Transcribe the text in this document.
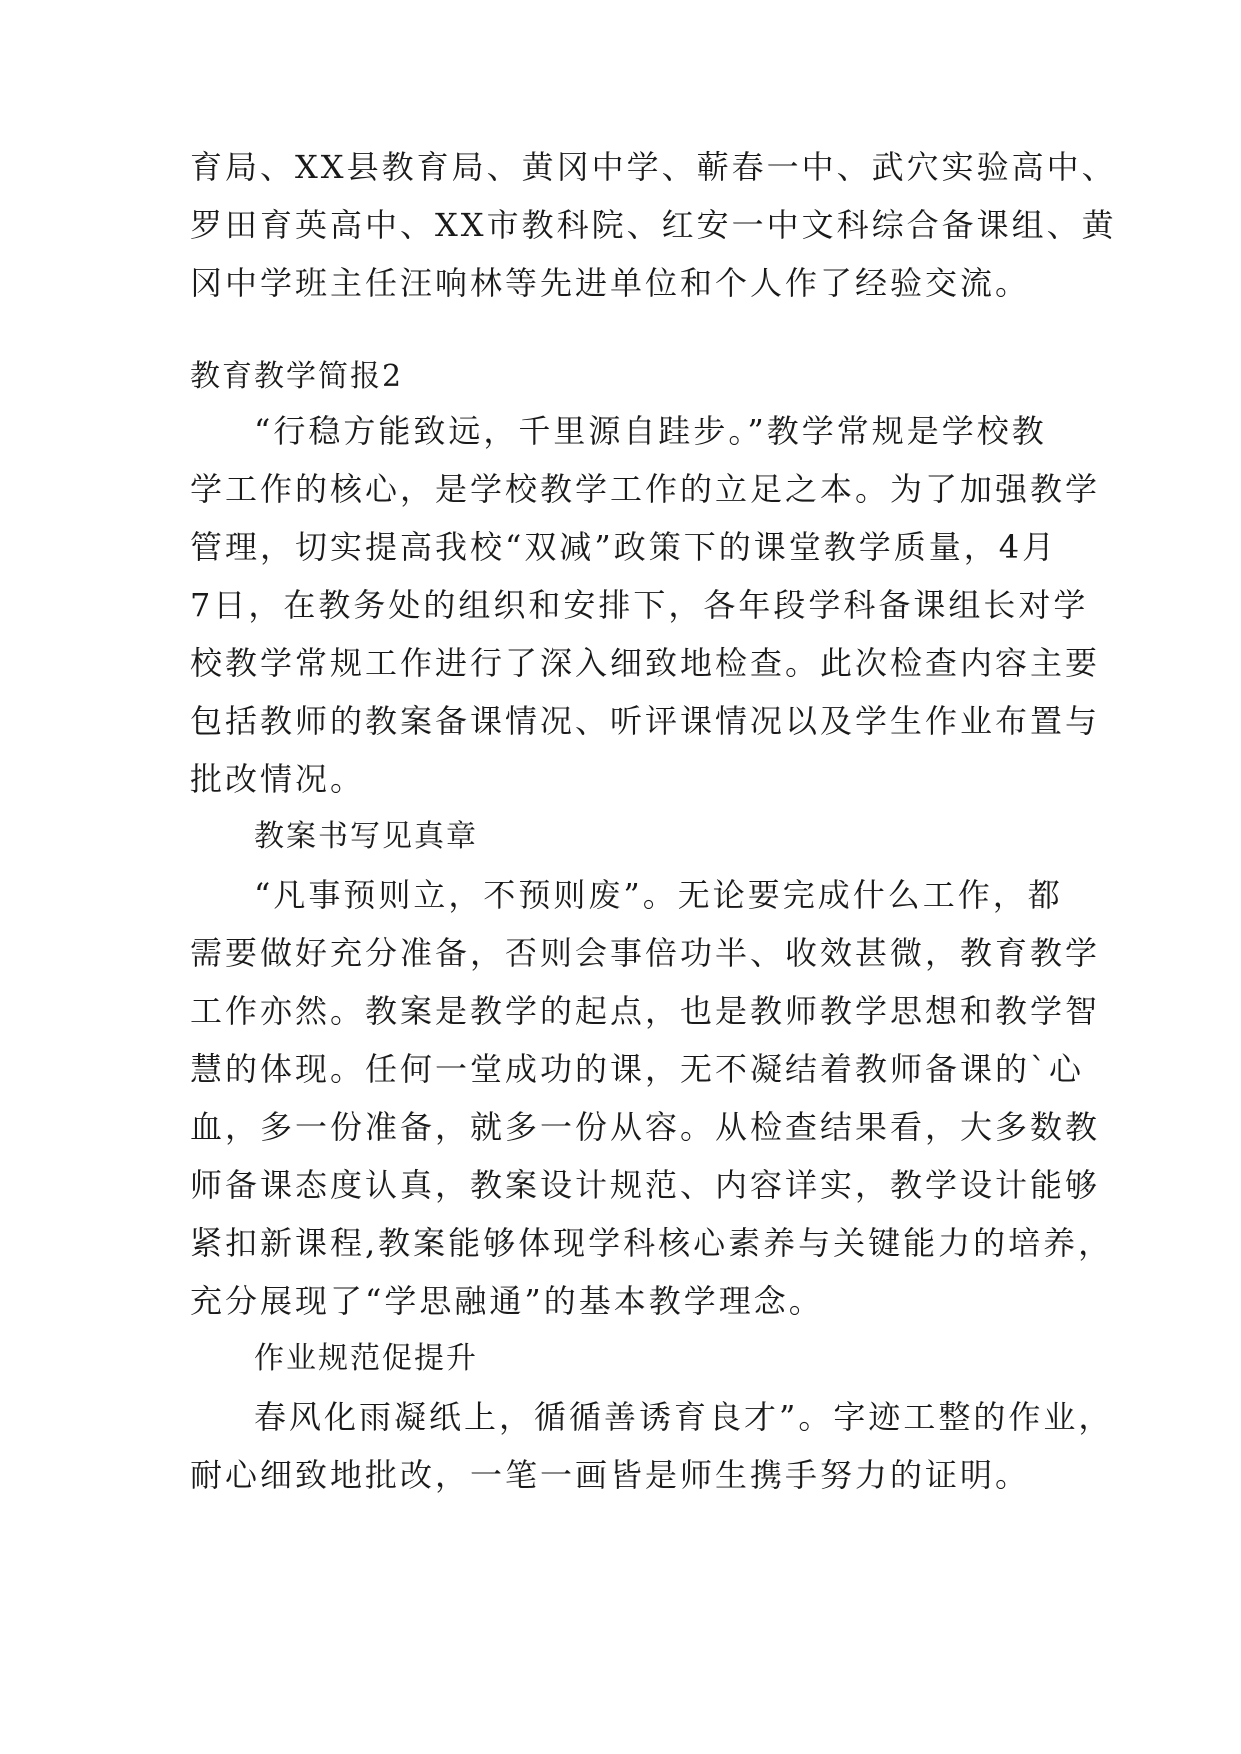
育局、XX县教育局、黄冈中学、蕲春一中、武穴实验高中、
罗田育英高中、XX市教科院、红安一中文科综合备课组、黄
冈中学班主任汪响林等先进单位和个人作了经验交流。
教育教学简报2
“行稳方能致远，千里源自跬步。”教学常规是学校教
学工作的核心，是学校教学工作的立足之本。为了加强教学
管理，切实提高我校“双减”政策下的课堂教学质量，4月
7日，在教务处的组织和安排下，各年段学科备课组长对学
校教学常规工作进行了深入细致地检查。此次检查内容主要
包括教师的教案备课情况、听评课情况以及学生作业布置与
批改情况。
教案书写见真章
“凡事预则立，不预则废”。无论要完成什么工作，都
需要做好充分准备，否则会事倍功半、收效甚微，教育教学
工作亦然。教案是教学的起点，也是教师教学思想和教学智
慧的体现。任何一堂成功的课，无不凝结着教师备课的`心
血，多一份准备，就多一份从容。从检查结果看，大多数教
师备课态度认真，教案设计规范、内容详实，教学设计能够
紧扣新课程,教案能够体现学科核心素养与关键能力的培养，
充分展现了“学思融通”的基本教学理念。
作业规范促提升
春风化雨凝纸上，循循善诱育良才”。字迹工整的作业，
耐心细致地批改，一笔一画皆是师生携手努力的证明。
